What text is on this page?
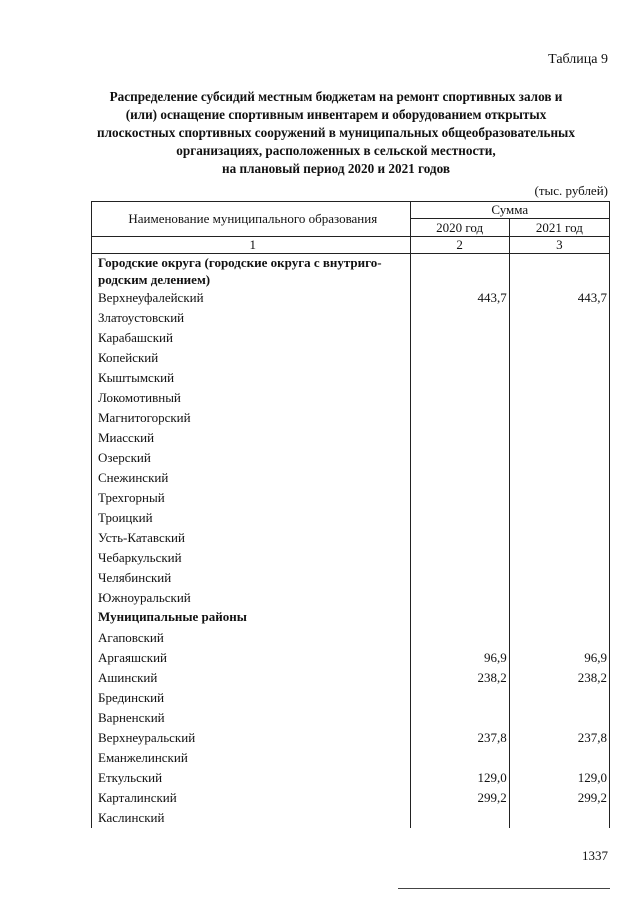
Таблица 9
Распределение субсидий местным бюджетам на ремонт спортивных залов и
(или) оснащение спортивным инвентарем и оборудованием открытых
плоскостных спортивных сооружений в муниципальных общеобразовательных
организациях, расположенных в сельской местности,
на плановый период 2020 и 2021 годов
(тыс. рублей)
Наименование муниципального образования	Сумма	
	2020 год	2021 год
1	2	3

Городские округа (городские округа с внутриго-
родским делением)		

Верхнеуфалейский	443,7	443,7
Златоустовский		
Карабашский		
Копейский		
Кыштымский		
Локомотивный		
Магнитогорский		
Миасский		
Озерский		
Снежинский		
Трехгорный		
Троицкий		
Усть-Катавский		
Чебаркульский		
Челябинский		
Южноуральский		

Муниципальные районы		

Агаповский		
Аргаяшский	96,9	96,9
Ашинский	238,2	238,2
Брединский		
Варненский		
Верхнеуральский	237,8	237,8
Еманжелинский		
Еткульский	129,0	129,0
Карталинский	299,2	299,2
Каслинский		
1337
